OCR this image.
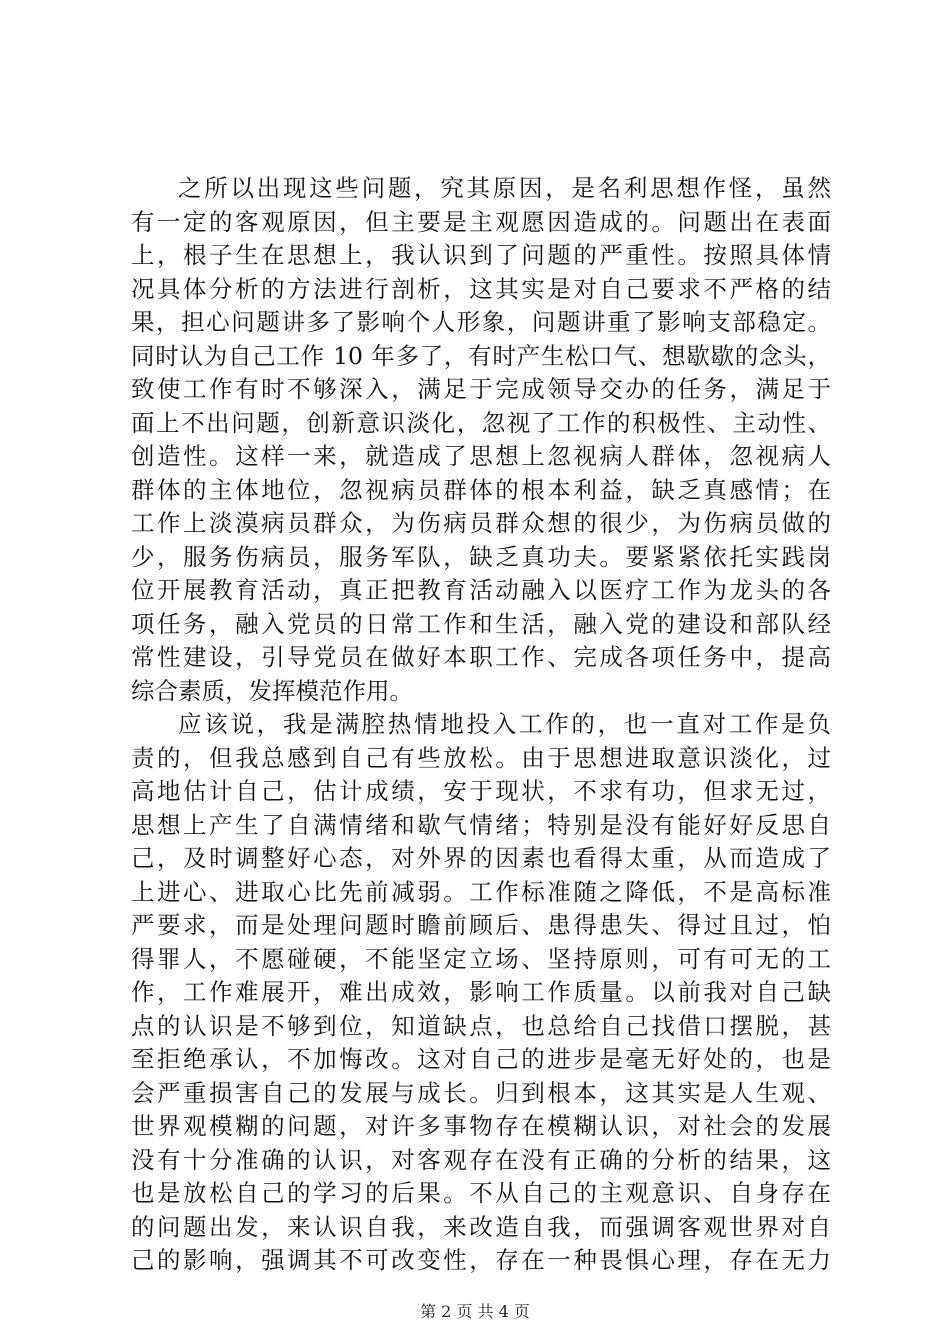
之所以出现这些问题，究其原因，是名利思想作怪，虽然
有一定的客观原因，但主要是主观愿因造成的。问题出在表面
上，根子生在思想上，我认识到了问题的严重性。按照具体情
况具体分析的方法进行剖析，这其实是对自己要求不严格的结
果，担心问题讲多了影响个人形象，问题讲重了影响支部稳定。
同时认为自己工作 10 年多了，有时产生松口气、想歇歇的念头，
致使工作有时不够深入，满足于完成领导交办的任务，满足于
面上不出问题，创新意识淡化，忽视了工作的积极性、主动性、
创造性。这样一来，就造成了思想上忽视病人群体，忽视病人
群体的主体地位，忽视病员群体的根本利益，缺乏真感情；在
工作上淡漠病员群众，为伤病员群众想的很少，为伤病员做的
少，服务伤病员，服务军队，缺乏真功夫。要紧紧依托实践岗
位开展教育活动，真正把教育活动融入以医疗工作为龙头的各
项任务，融入党员的日常工作和生活，融入党的建设和部队经
常性建设，引导党员在做好本职工作、完成各项任务中，提高
综合素质，发挥模范作用。
应该说，我是满腔热情地投入工作的，也一直对工作是负
责的，但我总感到自己有些放松。由于思想进取意识淡化，过
高地估计自己，估计成绩，安于现状，不求有功，但求无过，
思想上产生了自满情绪和歇气情绪；特别是没有能好好反思自
己，及时调整好心态，对外界的因素也看得太重，从而造成了
上进心、进取心比先前减弱。工作标准随之降低，不是高标准
严要求，而是处理问题时瞻前顾后、患得患失、得过且过，怕
得罪人，不愿碰硬，不能坚定立场、坚持原则，可有可无的工
作，工作难展开，难出成效，影响工作质量。以前我对自己缺
点的认识是不够到位，知道缺点，也总给自己找借口摆脱，甚
至拒绝承认，不加悔改。这对自己的进步是毫无好处的，也是
会严重损害自己的发展与成长。归到根本，这其实是人生观、
世界观模糊的问题，对许多事物存在模糊认识，对社会的发展
没有十分准确的认识，对客观存在没有正确的分析的结果，这
也是放松自己的学习的后果。不从自己的主观意识、自身存在
的问题出发，来认识自我，来改造自我，而强调客观世界对自
己的影响，强调其不可改变性，存在一种畏惧心理，存在无力
第 2 页 共 4 页
